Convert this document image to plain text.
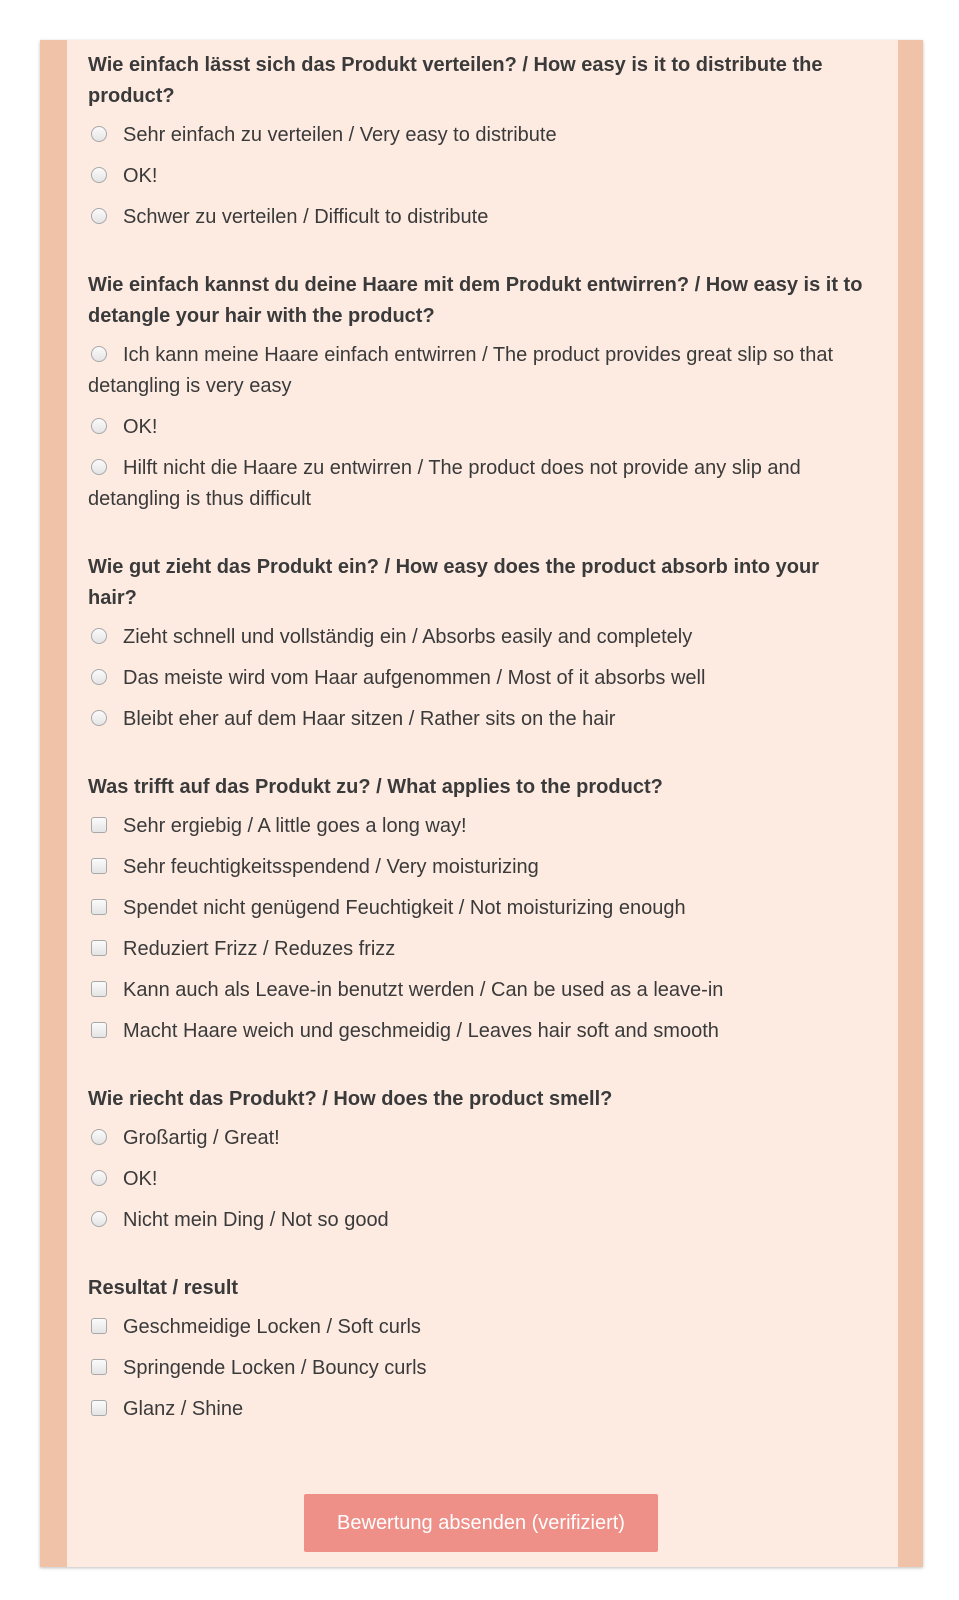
Wie einfach lässt sich das Produkt verteilen? / How easy is it to distribute the product?
Sehr einfach zu verteilen / Very easy to distribute
OK!
Schwer zu verteilen / Difficult to distribute
Wie einfach kannst du deine Haare mit dem Produkt entwirren? / How easy is it to detangle your hair with the product?
Ich kann meine Haare einfach entwirren / The product provides great slip so that detangling is very easy
OK!
Hilft nicht die Haare zu entwirren / The product does not provide any slip and detangling is thus difficult
Wie gut zieht das Produkt ein? / How easy does the product absorb into your hair?
Zieht schnell und vollständig ein / Absorbs easily and completely
Das meiste wird vom Haar aufgenommen / Most of it absorbs well
Bleibt eher auf dem Haar sitzen / Rather sits on the hair
Was trifft auf das Produkt zu? / What applies to the product?
Sehr ergiebig / A little goes a long way!
Sehr feuchtigkeitsspendend / Very moisturizing
Spendet nicht genügend Feuchtigkeit / Not moisturizing enough
Reduziert Frizz / Reduzes frizz
Kann auch als Leave-in benutzt werden / Can be used as a leave-in
Macht Haare weich und geschmeidig / Leaves hair soft and smooth
Wie riecht das Produkt? / How does the product smell?
Großartig / Great!
OK!
Nicht mein Ding / Not so good
Resultat / result
Geschmeidige Locken / Soft curls
Springende Locken / Bouncy curls
Glanz / Shine
Bewertung absenden (verifiziert)
